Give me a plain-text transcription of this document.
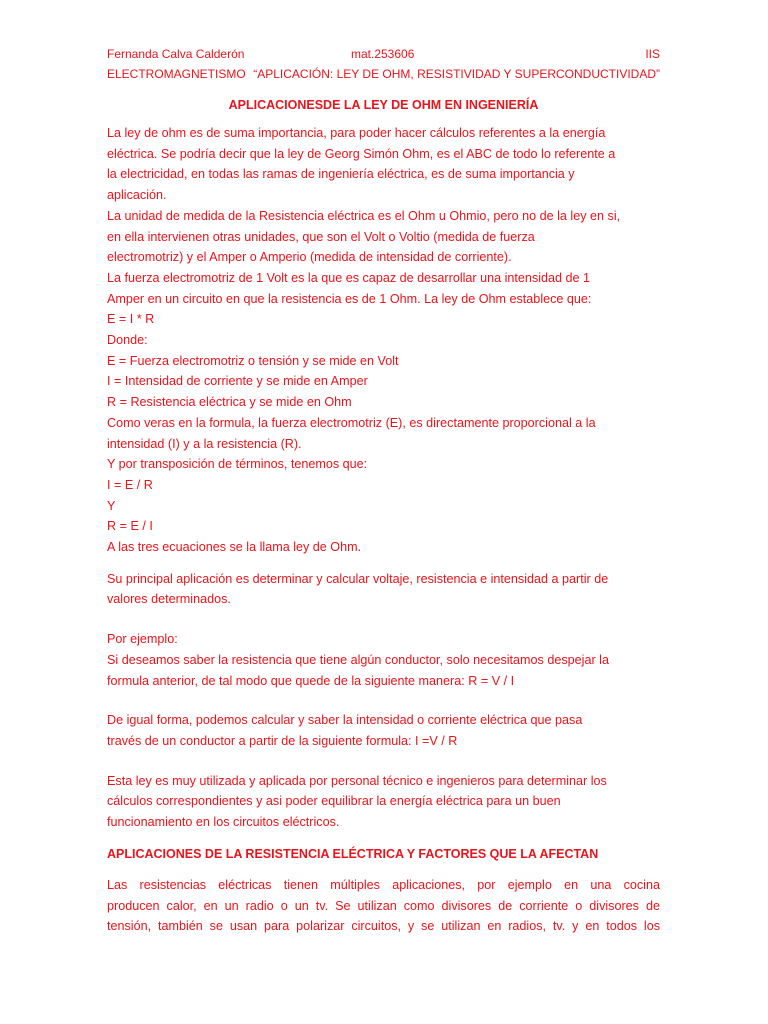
Fernanda Calva Calderón	mat.253606	IIS
ELECTROMAGNETISMO “APLICACIÓN: LEY DE OHM, RESISTIVIDAD Y SUPERCONDUCTIVIDAD”
APLICACIONESDE LA LEY DE OHM EN INGENIERÍA

La ley de ohm es de suma importancia, para poder hacer cálculos referentes a la energía

eléctrica. Se podría decir que la ley de Georg Simón Ohm, es el ABC de todo lo referente a

la electricidad, en todas las ramas de ingeniería eléctrica, es de suma importancia y

aplicación.

La unidad de medida de la Resistencia eléctrica es el Ohm u Ohmio, pero no de la ley en si,

en ella intervienen otras unidades, que son el Volt o Voltio (medida de fuerza

electromotriz) y el Amper o Amperio (medida de intensidad de corriente).

La fuerza electromotriz de 1 Volt es la que es capaz de desarrollar una intensidad de 1

Amper en un circuito en que la resistencia es de 1 Ohm. La ley de Ohm establece que:

E = I * R

Donde:

E = Fuerza electromotriz o tensión y se mide en Volt

I = Intensidad de corriente y se mide en Amper

R = Resistencia eléctrica y se mide en Ohm

Como veras en la formula, la fuerza electromotriz (E), es directamente proporcional a la

intensidad (I) y a la resistencia (R).

Y por transposición de términos, tenemos que:

I = E / R

Y

R = E / I

A las tres ecuaciones se la llama ley de Ohm.

Su principal aplicación es determinar y calcular voltaje, resistencia e intensidad a partir de

valores determinados.

Por ejemplo:

Si deseamos saber la resistencia que tiene algún conductor, solo necesitamos despejar la

formula anterior, de tal modo que quede de la siguiente manera: R = V / I

De igual forma, podemos calcular y saber la intensidad o corriente eléctrica que pasa

través de un conductor a partir de la siguiente formula: I =V / R

Esta ley es muy utilizada y aplicada por personal técnico e ingenieros para determinar los

cálculos correspondientes y asi poder equilibrar la energía eléctrica para un buen

funcionamiento en los circuitos eléctricos.

APLICACIONES DE LA RESISTENCIA ELÉCTRICA Y FACTORES QUE LA AFECTAN

Las resistencias eléctricas tienen múltiples aplicaciones, por ejemplo en una cocina

producen calor, en un radio o un tv. Se utilizan como divisores de corriente o divisores de

tensión, también se usan para polarizar circuitos, y se utilizan en radios, tv. y en todos los
